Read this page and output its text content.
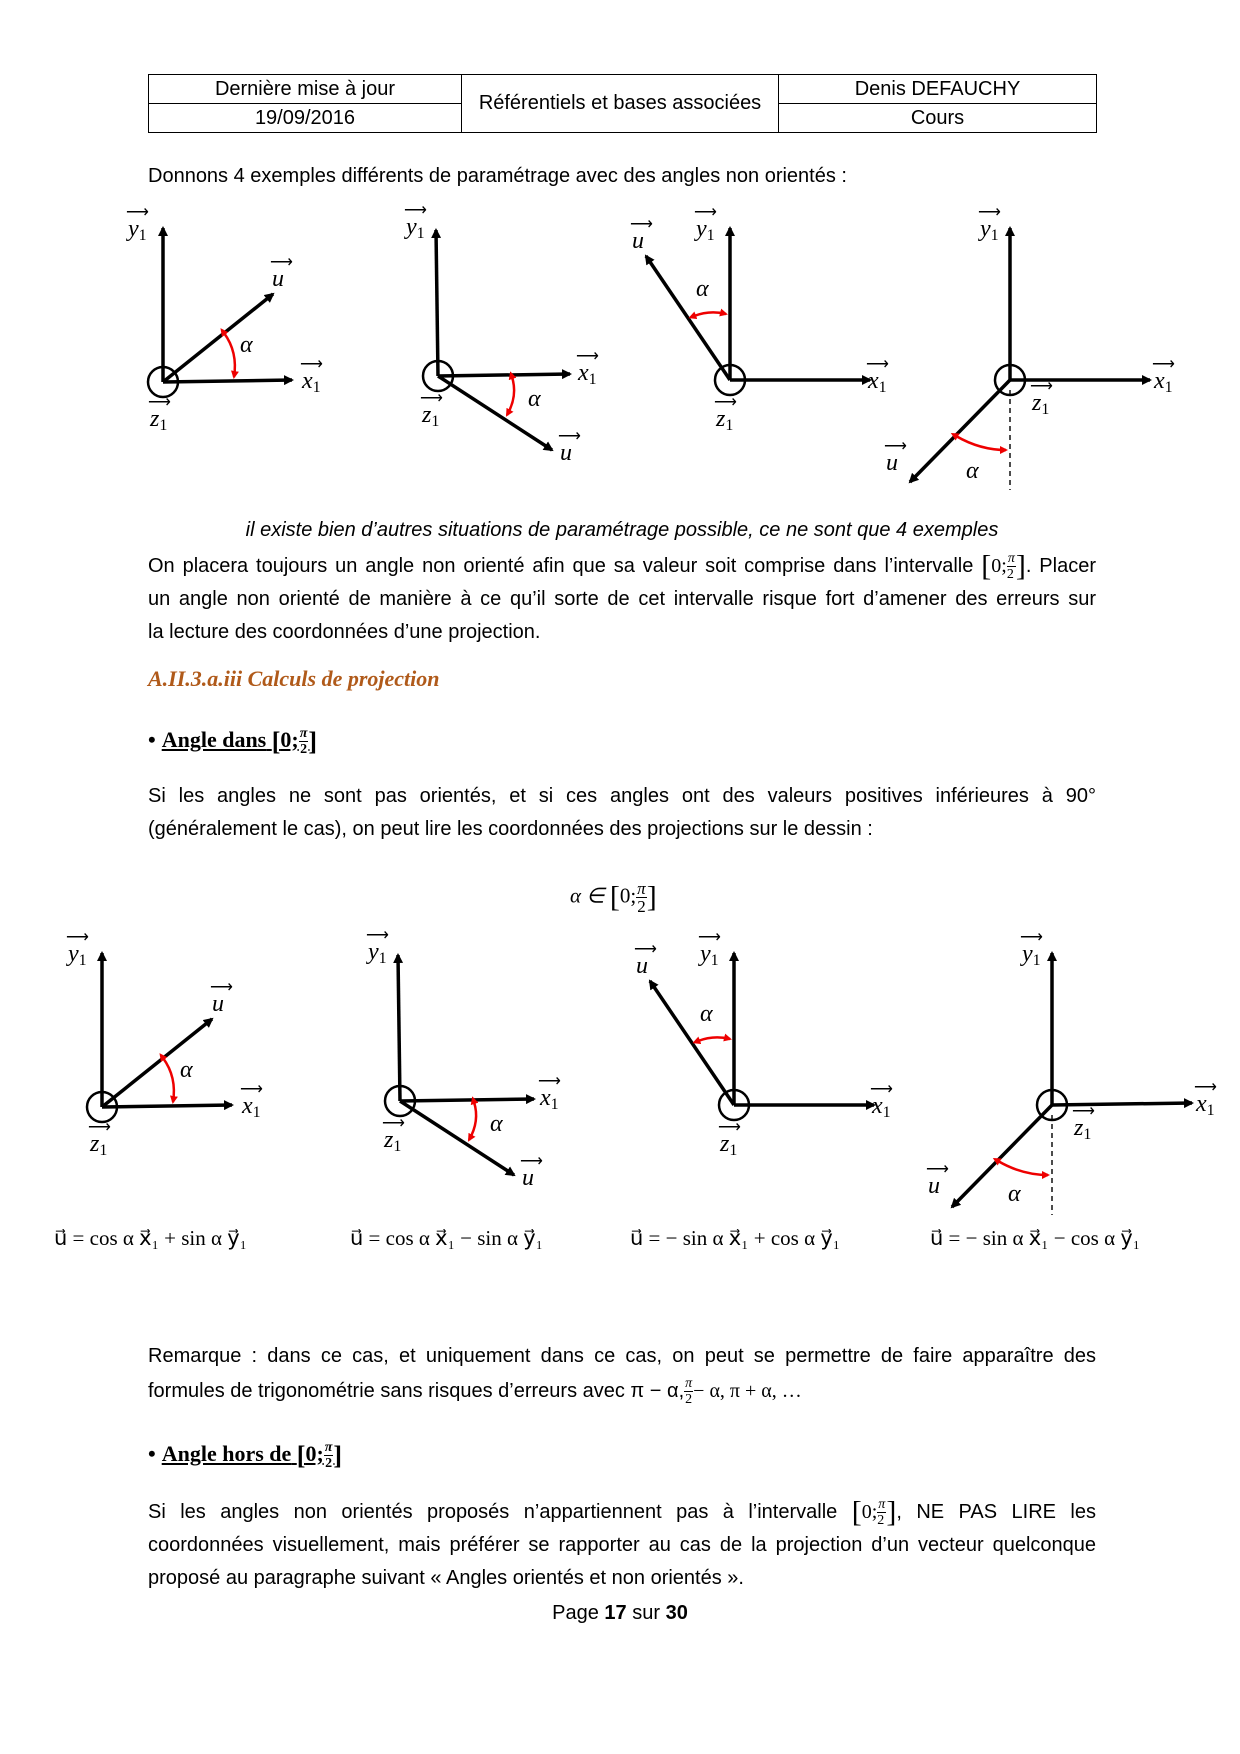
Dernière mise à jour	Référentiels et bases associées	Denis DEFAUCHY
19/09/2016		Cours
Donnons 4 exemples différents de paramétrage avec des angles non orientés :
⟶ $y_1$
⟶ u
α
⟶ $x_1$
⟶ $z_1$
⟶ $y_1$
⟶ $x_1$
α
⟶ $z_1$
⟶ u
⟶ u ⟶ $y_1$
α
⟶ $x_1$
⟶ $z_1$
⟶ $y_1$
⟶ $x_1$
⟶ $z_1$
⟶ u	α
il existe bien d’autres situations de paramétrage possible, ce ne sont que 4 exemples
On placera toujours un angle non orienté afin que sa valeur soit comprise dans l’intervalle [0; $\frac{\pi}{2}$ ]. Placer
un angle non orienté de manière à ce qu’il sorte de cet intervalle risque fort d’amener des erreurs sur
la lecture des coordonnées d’une projection.
A.II.3.a.iii Calculs de projection
• Angle dans [0; $\frac{\pi}{2}$ ]
Si les angles ne sont pas orientés, et si ces angles ont des valeurs positives inférieures à 90°
(généralement le cas), on peut lire les coordonnées des projections sur le dessin :
α ∈ [0; $\frac{\pi}{2}$ ]
⟶ $y_1$
⟶ u
α
⟶ $x_1$
⟶ $z_1$
⟶ $y_1$
⟶ $x_1$
α
⟶ $z_1$
⟶ u
⟶ u ⟶ $y_1$
α
⟶ $x_1$
⟶ $z_1$
⟶ $y_1$
⟶ $x_1$
⟶ $z_1$
⟶ u	α
u⃗ = cos α x⃗₁ + sin α y⃗₁	u⃗ = cos α x⃗₁ − sin α y⃗₁	u⃗ = − sin α x⃗₁ + cos α y⃗₁	u⃗ = − sin α x⃗₁ − cos α y⃗₁
Remarque : dans ce cas, et uniquement dans ce cas, on peut se permettre de faire apparaître des
formules de trigonométrie sans risques d’erreurs avec π − α, $\frac{\pi}{2} - \alpha$, π + α, …
• Angle hors de [0; $\frac{\pi}{2}$ ]
Si les angles non orientés proposés n’appartiennent pas à l’intervalle [0; $\frac{\pi}{2}$ ], NE PAS LIRE les
coordonnées visuellement, mais préférer se rapporter au cas de la projection d’un vecteur quelconque
proposé au paragraphe suivant « Angles orientés et non orientés ».
Page 17 sur 30
